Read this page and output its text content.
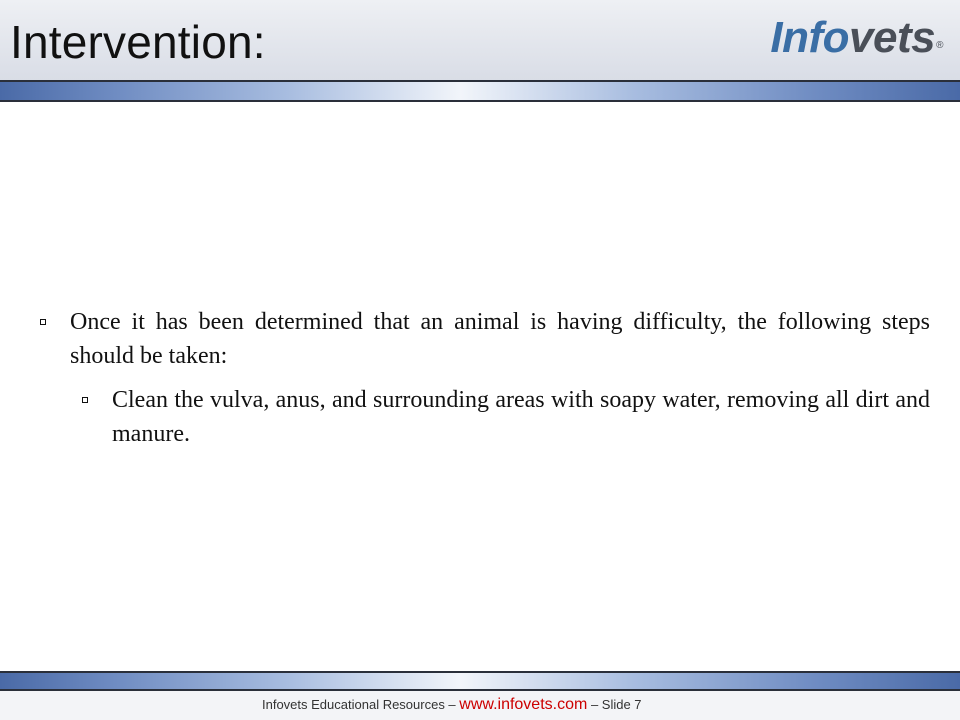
Intervention:	Infovets®
Once it has been determined that an animal is having difficulty, the following steps should be taken:
Clean the vulva, anus, and surrounding areas with soapy water, removing all dirt and manure.
Infovets Educational Resources – www.infovets.com – Slide 7
